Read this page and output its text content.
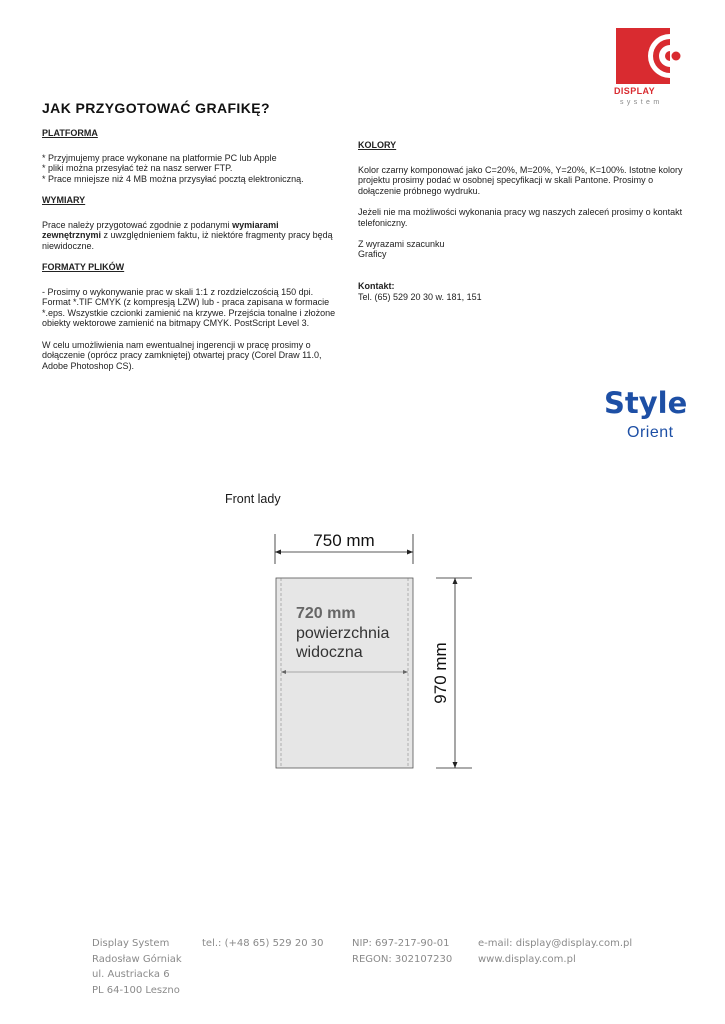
DISPLAY
system
JAK PRZYGOTOWAĆ GRAFIKĘ?

PLATFORMA

* Przyjmujemy prace wykonane na platformie PC lub Apple

* pliki można przesyłać też na nasz serwer FTP.

* Prace mniejsze niż 4 MB można przysyłać pocztą elektroniczną.

WYMIARY

Prace należy przygotować zgodnie z podanymi wymiarami zewnętrznymi z uwzględnieniem faktu, iż niektóre fragmenty pracy będą niewidoczne.

FORMATY PLIKÓW

- Prosimy o wykonywanie prac w skali 1:1 z rozdzielczością 150 dpi. Format *.TIF CMYK (z kompresją LZW) lub - praca zapisana w formacie *.eps. Wszystkie czcionki zamienić na krzywe. Przejścia tonalne i złożone obiekty wektorowe zamienić na bitmapy CMYK. PostScript Level 3.

W celu umożliwienia nam ewentualnej ingerencji w pracę prosimy o dołączenie (oprócz pracy zamkniętej) otwartej pracy (Corel Draw 11.0, Adobe Photoshop CS).

KOLORY

Kolor czarny komponować jako C=20%, M=20%, Y=20%, K=100%. Istotne kolory projektu prosimy podać w osobnej specyfikacji w skali Pantone. Prosimy o dołączenie próbnego wydruku.

Jeżeli nie ma możliwości wykonania pracy wg naszych zaleceń prosimy o kontakt telefoniczny.

Z wyrazami szacunku

Graficy

Kontakt:

Tel. (65) 529 20 30 w. 181, 151

Style
Orient
Front lady
750 mm
720 mm
powierzchnia
widoczna	970 mm
Display System
Radosław Górniak
ul. Austriacka 6
PL 64-100 Leszno
tel.: (+48 65) 529 20 30	NIP: 697-217-90-01
REGON: 302107230
e-mail: display@display.com.pl
www.display.com.pl
